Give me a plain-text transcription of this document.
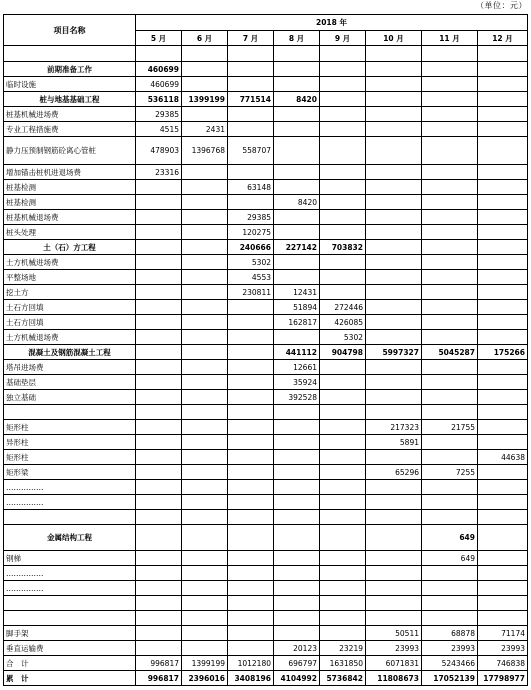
（单位：元）
项目名称	2018 年							
	5 月	6 月	7 月	8 月	9 月	10 月	11 月	12 月

前期准备工作	460699							
临时设施	460699							
桩与地基基础工程	536118	1399199	771514	8420				
桩基机械进场费	29385							
专业工程措施费	4515	2431						
静力压预制钢筋砼离心管桩	478903	1396768	558707					
增加锚击桩机进退场费	23316							
桩基检测			63148					
桩基检测				8420				
桩基机械退场费			29385					
桩头处理			120275					
土（石）方工程			240666	227142	703832			
土方机械进场费			5302					
平整场地			4553					
挖土方			230811	12431				
土石方回填				51894	272446			
土石方回填				162817	426085			
土方机械退场费					5302			
混凝土及钢筋混凝土工程				441112	904798	5997327	5045287	175266
塔吊进场费				12661				
基础垫层				35924				
独立基础				392528				

矩形柱						217323	21755	
异形柱						5891		
矩形柱								44638
矩形梁						65296	7255	
……………								
……………								

金属结构工程							649	
钢梯							649	
……………								
……………								

脚手架						50511	68878	71174
垂直运输费				20123	23219	23993	23993	23993
合　计	996817	1399199	1012180	696797	1631850	6071831	5243466	746838
累　计	996817	2396016	3408196	4104992	5736842	11808673	17052139	17798977
